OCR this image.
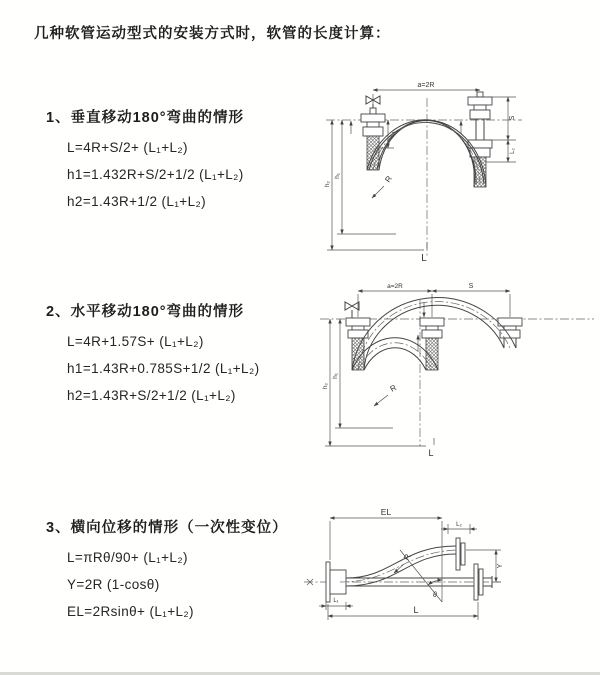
几种软管运动型式的安装方式时，软管的长度计算：
1、垂直移动180°弯曲的情形
L=4R+S/2+ (L₁+L₂)
h1=1.432R+S/2+1/2 (L₁+L₂)
h2=1.43R+1/2 (L₁+L₂)
2、水平移动180°弯曲的情形
L=4R+1.57S+ (L₁+L₂)
h1=1.43R+0.785S+1/2 (L₁+L₂)
h2=1.43R+S/2+1/2 (L₁+L₂)
3、横向位移的情形（一次性变位）
L=πRθ/90+ (L₁+L₂)
Y=2R (1-cosθ)
EL=2Rsinθ+ (L₁+L₂)
a=2R
h₂
h₁
L₁
S
L₂
R
L
a=2R	S
h₂
h₁
R
L
EL
L₂
Y
θ
R
L
L₁
